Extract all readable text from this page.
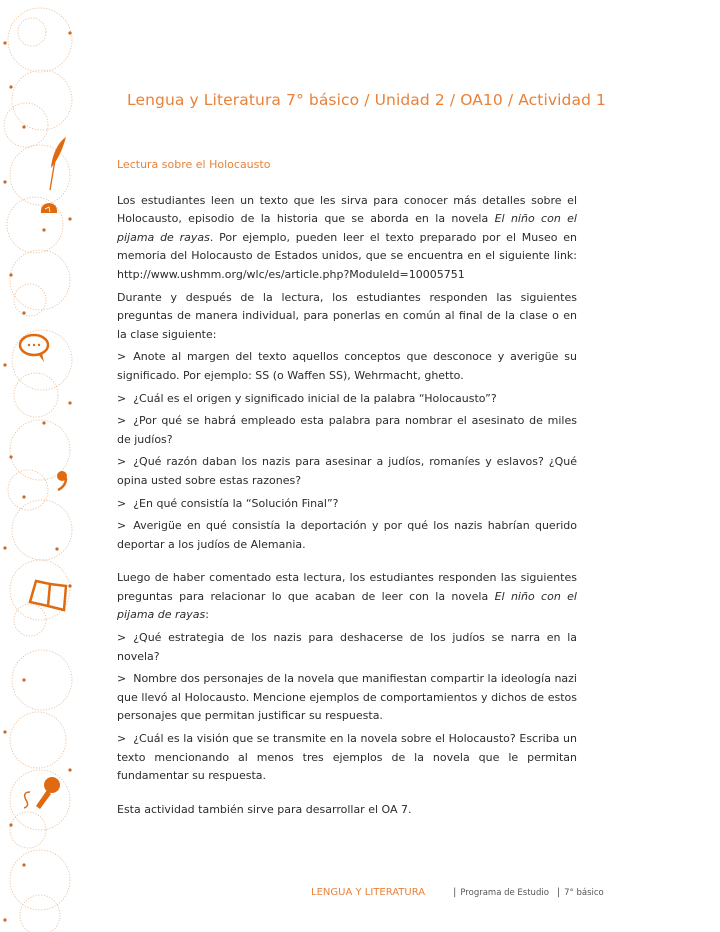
Lengua y Literatura 7° básico / Unidad 2 / OA10 / Actividad 1
Lectura sobre el Holocausto

Los estudiantes leen un texto que les sirva para conocer más detalles sobre el Holocausto, episodio de la historia que se aborda en la novela El niño con el pijama de rayas. Por ejemplo, pueden leer el texto preparado por el Museo en memoria del Holocausto de Estados unidos, que se encuentra en el siguiente link: http://www.ushmm.org/wlc/es/article.php?ModuleId=10005751

Durante y después de la lectura, los estudiantes responden las siguientes preguntas de manera individual, para ponerlas en común al final de la clase o en la clase siguiente:

> Anote al margen del texto aquellos conceptos que desconoce y averigüe su significado. Por ejemplo: SS (o Waffen SS), Wehrmacht, ghetto.

> ¿Cuál es el origen y significado inicial de la palabra “Holocausto”?

> ¿Por qué se habrá empleado esta palabra para nombrar el asesinato de miles de judíos?

> ¿Qué razón daban los nazis para asesinar a judíos, romaníes y eslavos? ¿Qué opina usted sobre estas razones?

> ¿En qué consistía la “Solución Final”?

> Averigüe en qué consistía la deportación y por qué los nazis habrían querido deportar a los judíos de Alemania.

Luego de haber comentado esta lectura, los estudiantes responden las siguientes preguntas para relacionar lo que acaban de leer con la novela El niño con el pijama de rayas:

> ¿Qué estrategia de los nazis para deshacerse de los judíos se narra en la novela?

> Nombre dos personajes de la novela que manifiestan compartir la ideología nazi que llevó al Holocausto. Mencione ejemplos de comportamientos y dichos de estos personajes que permitan justificar su respuesta.

> ¿Cuál es la visión que se transmite en la novela sobre el Holocausto? Escriba un texto mencionando al menos tres ejemplos de la novela que le permitan fundamentar su respuesta.

Esta actividad también sirve para desarrollar el OA 7.

LENGUA Y LITERATURA	| Programa de Estudio | 7° básico
